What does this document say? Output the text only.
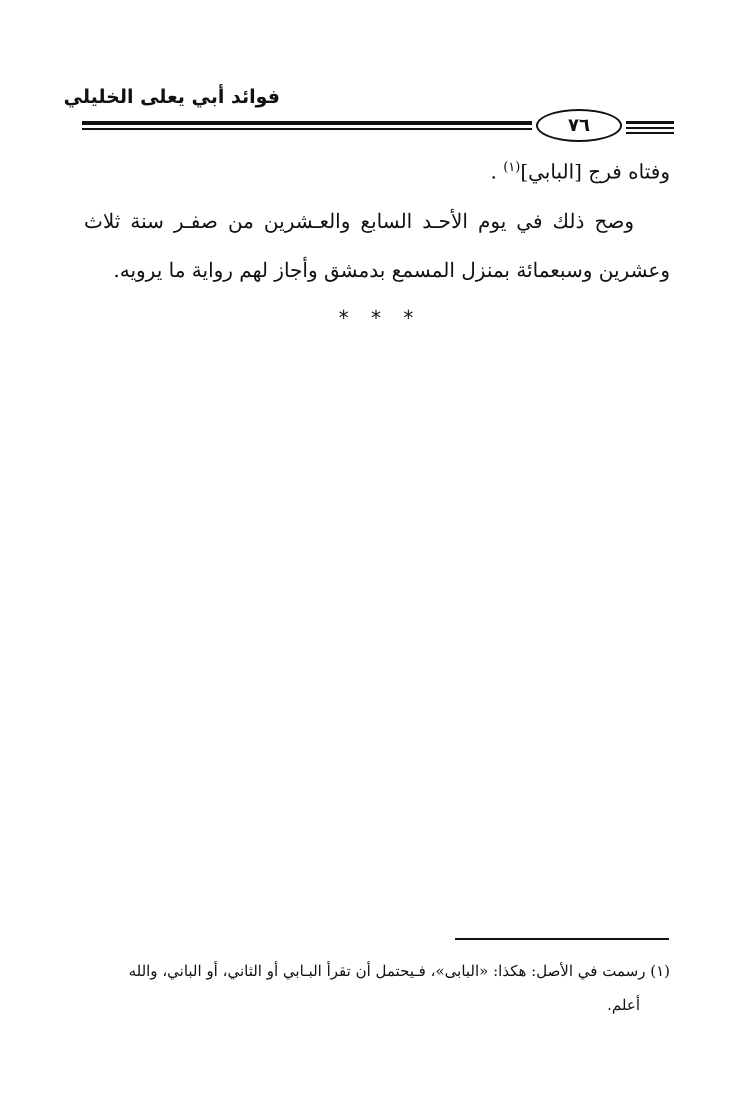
فوائد أبي يعلى الخليلي
٧٦
وفتاه فرج [البابي]$^{(١)}$ .
وصح ذلك في يوم الأحـد السابع والعـشرين من صفـر سنة ثلاث
وعشرين وسبعمائة بمنزل المسمع بدمشق وأجاز لهم رواية ما يرويه.
* * *
(١) رسمت في الأصل: هكذا: «البابى»، فـيحتمل أن تقرأ البـابي أو الثاني، أو الباني، والله
أعلم.
